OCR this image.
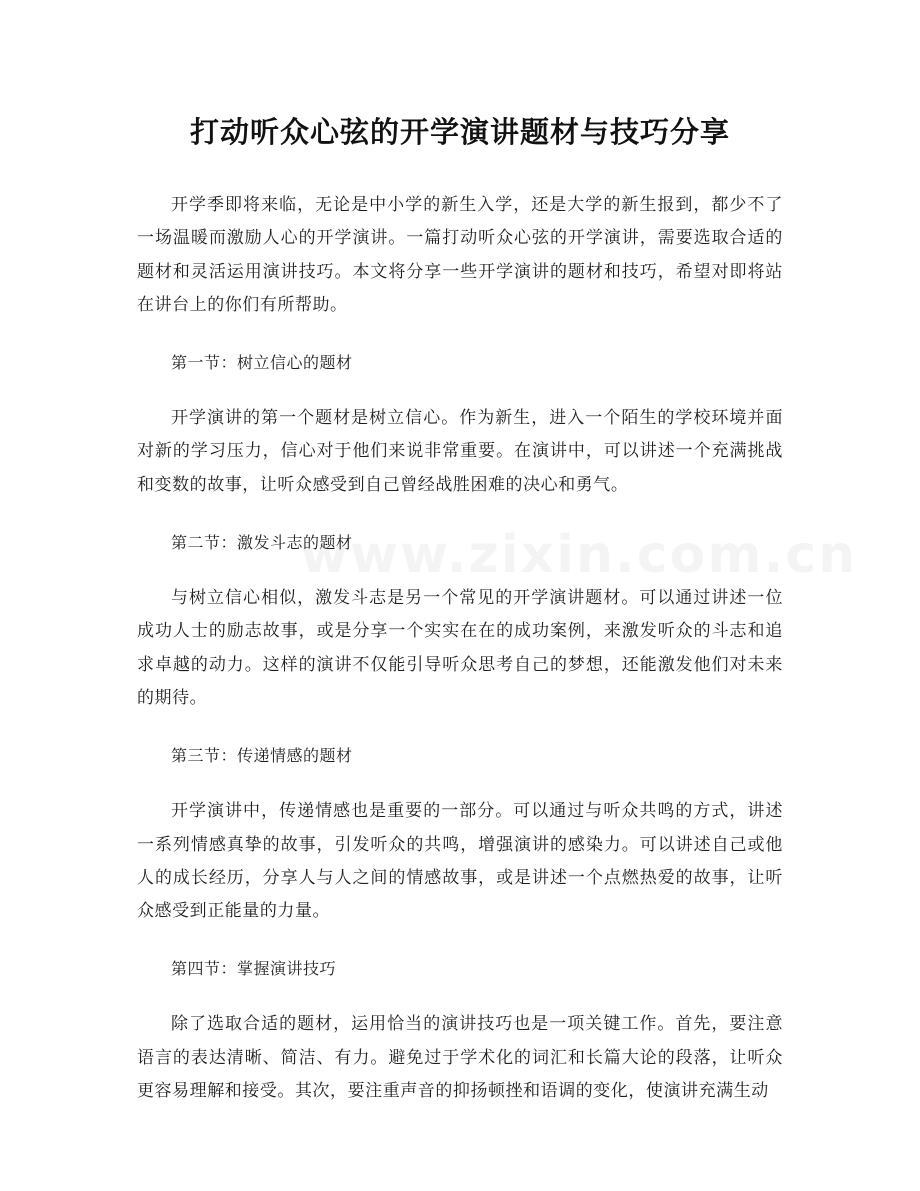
打动听众心弦的开学演讲题材与技巧分享

开学季即将来临，无论是中小学的新生入学，还是大学的新生报到，都少不了一场温暖而激励人心的开学演讲。一篇打动听众心弦的开学演讲，需要选取合适的题材和灵活运用演讲技巧。本文将分享一些开学演讲的题材和技巧，希望对即将站在讲台上的你们有所帮助。

第一节：树立信心的题材

开学演讲的第一个题材是树立信心。作为新生，进入一个陌生的学校环境并面对新的学习压力，信心对于他们来说非常重要。在演讲中，可以讲述一个充满挑战和变数的故事，让听众感受到自己曾经战胜困难的决心和勇气。

第二节：激发斗志的题材

与树立信心相似，激发斗志是另一个常见的开学演讲题材。可以通过讲述一位成功人士的励志故事，或是分享一个实实在在的成功案例，来激发听众的斗志和追求卓越的动力。这样的演讲不仅能引导听众思考自己的梦想，还能激发他们对未来的期待。

第三节：传递情感的题材

开学演讲中，传递情感也是重要的一部分。可以通过与听众共鸣的方式，讲述一系列情感真挚的故事，引发听众的共鸣，增强演讲的感染力。可以讲述自己或他人的成长经历，分享人与人之间的情感故事，或是讲述一个点燃热爱的故事，让听众感受到正能量的力量。

第四节：掌握演讲技巧

除了选取合适的题材，运用恰当的演讲技巧也是一项关键工作。首先，要注意语言的表达清晰、简洁、有力。避免过于学术化的词汇和长篇大论的段落，让听众更容易理解和接受。其次，要注重声音的抑扬顿挫和语调的变化，使演讲充满生动
